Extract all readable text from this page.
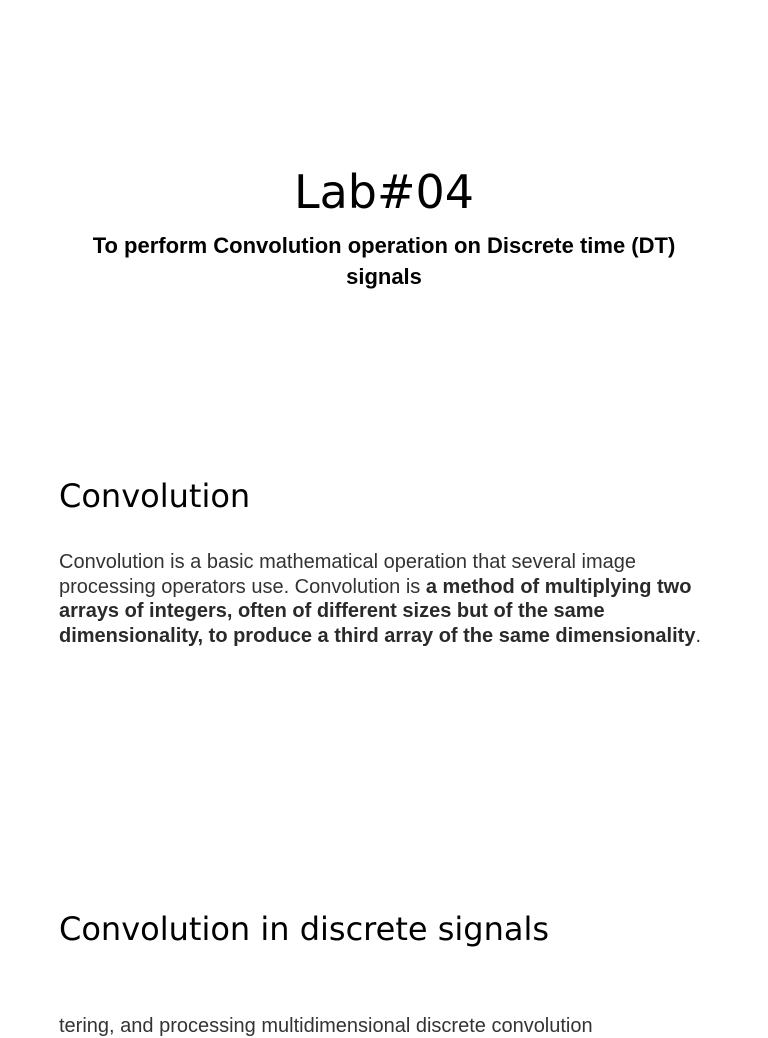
Lab#04
To perform Convolution operation on Discrete time (DT) signals
Convolution

Convolution is a basic mathematical operation that several image processing operators use. Convolution is a method of multiplying two arrays of integers, often of different sizes but of the same dimensionality, to produce a third array of the same dimensionality.

Convolution in discrete signals

tering, and processing multidimensional discrete convolution
